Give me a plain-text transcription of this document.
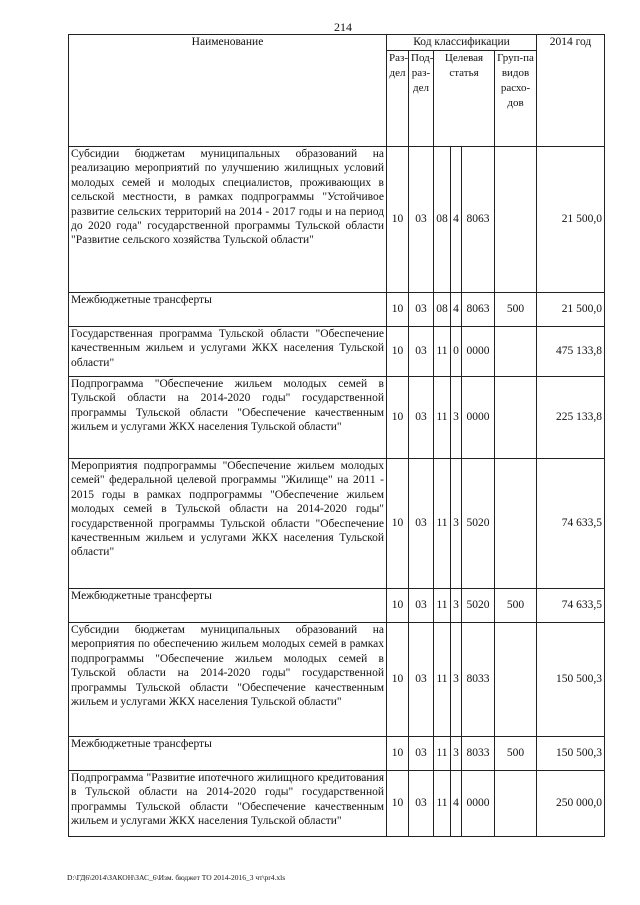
214
Наименование	Код классификации						2014 год
	Раз-дел	Под-раз-дел	Целевая статья			Груп-па видов расхо-дов	
Субсидии бюджетам муниципальных образований на реализацию мероприятий по улучшению жилищных условий молодых семей и молодых специалистов, проживающих в сельской местности, в рамках подпрограммы "Устойчивое развитие сельских территорий на 2014 - 2017 годы и на период до 2020 года" государственной программы Тульской области "Развитие сельского хозяйства Тульской области"	10	03	08	4	8063		21 500,0
Межбюджетные трансферты	10	03	08	4	8063	500	21 500,0
Государственная программа Тульской области "Обеспечение качественным жильем и услугами ЖКХ населения Тульской области"	10	03	11	0	0000		475 133,8
Подпрограмма "Обеспечение жильем молодых семей в Тульской области на 2014-2020 годы" государственной программы Тульской области "Обеспечение качественным жильем и услугами ЖКХ населения Тульской области"	10	03	11	3	0000		225 133,8
Мероприятия подпрограммы "Обеспечение жильем молодых семей" федеральной целевой программы "Жилище" на 2011 - 2015 годы в рамках подпрограммы "Обеспечение жильем молодых семей в Тульской области на 2014-2020 годы" государственной программы Тульской области "Обеспечение качественным жильем и услугами ЖКХ населения Тульской области"	10	03	11	3	5020		74 633,5
Межбюджетные трансферты	10	03	11	3	5020	500	74 633,5
Субсидии бюджетам муниципальных образований на мероприятия по обеспечению жильем молодых семей в рамках подпрограммы "Обеспечение жильем молодых семей в Тульской области на 2014-2020 годы" государственной программы Тульской области "Обеспечение качественным жильем и услугами ЖКХ населения Тульской области"	10	03	11	3	8033		150 500,3
Межбюджетные трансферты	10	03	11	3	8033	500	150 500,3
Подпрограмма "Развитие ипотечного жилищного кредитования в Тульской области на 2014-2020 годы" государственной программы Тульской области "Обеспечение качественным жильем и услугами ЖКХ населения Тульской области"	10	03	11	4	0000		250 000,0
D:\ГД6\2014\ЗАКОН\ЗАС_6\Изм. бюджет ТО 2014-2016_3 чт\pr4.xls
